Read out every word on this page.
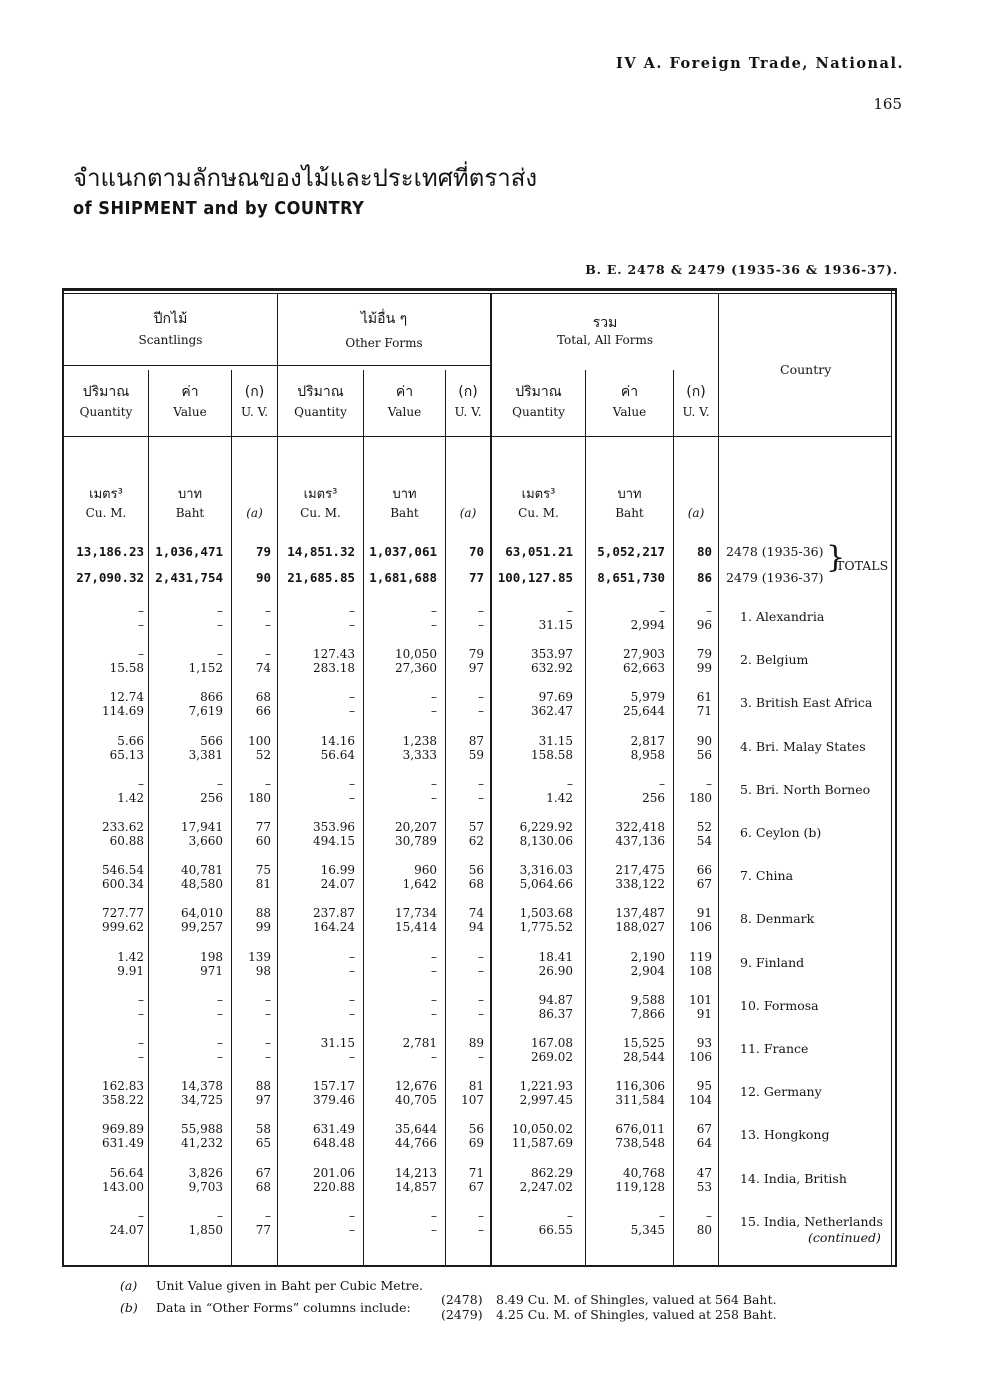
IV A. Foreign Trade, National.
165
จำแนกตามลักษณของไม้และประเทศที่ตราส่ง
of SHIPMENT and by COUNTRY
B. E. 2478 & 2479 (1935-36 & 1936-37).
ปีกไม้
Scantlings
ไม้อื่น ๆ
Other Forms
รวม
Total, All Forms
Country
ปริมาณ
Quantity
เมตร³
Cu. M.
ค่า
Value
บาท
Baht
(ก)
U. V.
(a)
ปริมาณ
Quantity
เมตร³
Cu. M.
ค่า
Value
บาท
Baht
(ก)
U. V.
(a)
ปริมาณ
Quantity
เมตร³
Cu. M.
ค่า
Value
บาท
Baht
(ก)
U. V.
(a)
13,186.23 1,036,471	79	14,851.32	1,037,061	70	63,051.21	5,052,217	80 2478 (1935-36)
27,090.32 2,431,754	90	21,685.85	1,681,688	77	100,127.85	8,651,730	86 2479 (1936-37)
}
TOTALS
–	–	–	–	–	–	–	–	–
–	–	–	–	–	–	31.15	2,994	96
1. Alexandria
–	–	–	127.43	10,050	79	353.97	27,903	79
15.58	1,152	74	283.18	27,360	97	632.92	62,663	99
2. Belgium
12.74	866	68	–	–	–	97.69	5,979	61
114.69	7,619	66	–	–	–	362.47	25,644	71
3. British East Africa
5.66	566	100	14.16	1,238	87	31.15	2,817	90
65.13	3,381	52	56.64	3,333	59	158.58	8,958	56
4. Bri. Malay States
–	–	–	–	–	–	–	–	–
1.42	256	180	–	–	–	1.42	256	180
5. Bri. North Borneo
233.62	17,941	77	353.96	20,207	57	6,229.92	322,418	52
60.88	3,660	60	494.15	30,789	62	8,130.06	437,136	54
6. Ceylon (b)
546.54	40,781	75	16.99	960	56	3,316.03	217,475	66
600.34	48,580	81	24.07	1,642	68	5,064.66	338,122	67
7. China
727.77	64,010	88	237.87	17,734	74	1,503.68	137,487	91
999.62	99,257	99	164.24	15,414	94	1,775.52	188,027	106
8. Denmark
1.42	198	139	–	–	–	18.41	2,190	119
9.91	971	98	–	–	–	26.90	2,904	108
9. Finland
–	–	–	–	–	–	94.87	9,588	101
–	–	–	–	–	–	86.37	7,866	91
10. Formosa
–	–	–	31.15	2,781	89	167.08	15,525	93
–	–	–	–	–	–	269.02	28,544	106
11. France
162.83	14,378	88	157.17	12,676	81	1,221.93	116,306	95
358.22	34,725	97	379.46	40,705	107	2,997.45	311,584	104
12. Germany
969.89	55,988	58	631.49	35,644	56	10,050.02	676,011	67
631.49	41,232	65	648.48	44,766	69	11,587.69	738,548	64
13. Hongkong
56.64	3,826	67	201.06	14,213	71	862.29	40,768	47
143.00	9,703	68	220.88	14,857	67	2,247.02	119,128	53
14. India, British
–	–	–	–	–	–	–	–	–
24.07	1,850	77	–	–	–	66.55	5,345	80
15. India, Netherlands
(continued)
(a) Unit Value given in Baht per Cubic Metre.
(b) Data in “Other Forms” columns include:
(2478) 8.49 Cu. M. of Shingles, valued at 564 Baht.
(2479) 4.25 Cu. M. of Shingles, valued at 258 Baht.
